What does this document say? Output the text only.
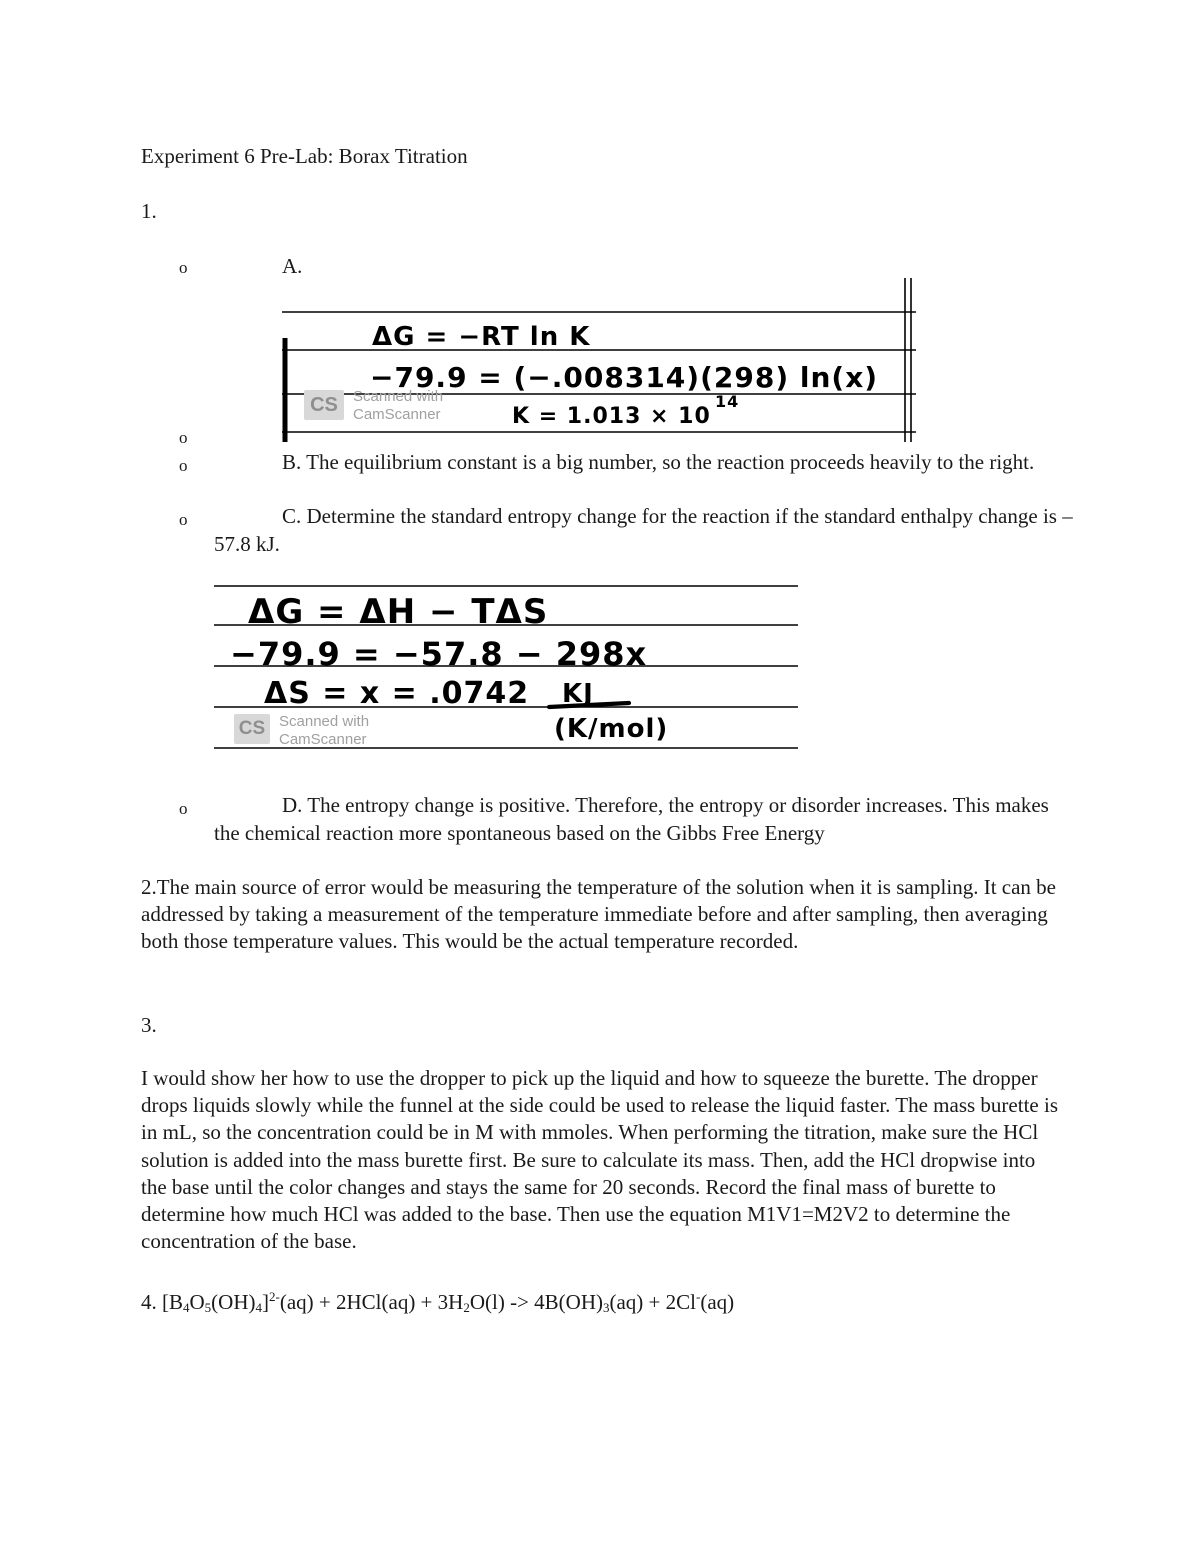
Experiment 6 Pre-Lab: Borax Titration
1.
o	A.
ΔG = −RT ln K
−79.9 = (−.008314)(298) ln(x)
K = 1.013 × 10
14
CS	Scanned with
CamScanner
o
o	B. The equilibrium constant is a big number, so the reaction proceeds heavily to the right.
o	C. Determine the standard entropy change for the reaction if the standard enthalpy change is –57.8 kJ.
ΔG = ΔH − TΔS
−79.9 = −57.8 − 298x
ΔS = x = .0742 KJ
(K/mol)
CS Scanned with
CamScanner
o	D. The entropy change is positive. Therefore, the entropy or disorder increases. This makes the chemical reaction more spontaneous based on the Gibbs Free Energy
2.The main source of error would be measuring the temperature of the solution when it is sampling. It can be addressed by taking a measurement of the temperature immediate before and after sampling, then averaging both those temperature values. This would be the actual temperature recorded.
3.
I would show her how to use the dropper to pick up the liquid and how to squeeze the burette. The dropper drops liquids slowly while the funnel at the side could be used to release the liquid faster. The mass burette is in mL, so the concentration could be in M with mmoles. When performing the titration, make sure the HCl solution is added into the mass burette first. Be sure to calculate its mass. Then, add the HCl dropwise into the base until the color changes and stays the same for 20 seconds. Record the final mass of burette to determine how much HCl was added to the base. Then use the equation M1V1=M2V2 to determine the concentration of the base.
4. $[B_4O_5(OH)_4]^{2-}(aq) + 2HCl(aq) + 3H_2O(l) -> 4B(OH)_3(aq) + 2Cl^-(aq)$
